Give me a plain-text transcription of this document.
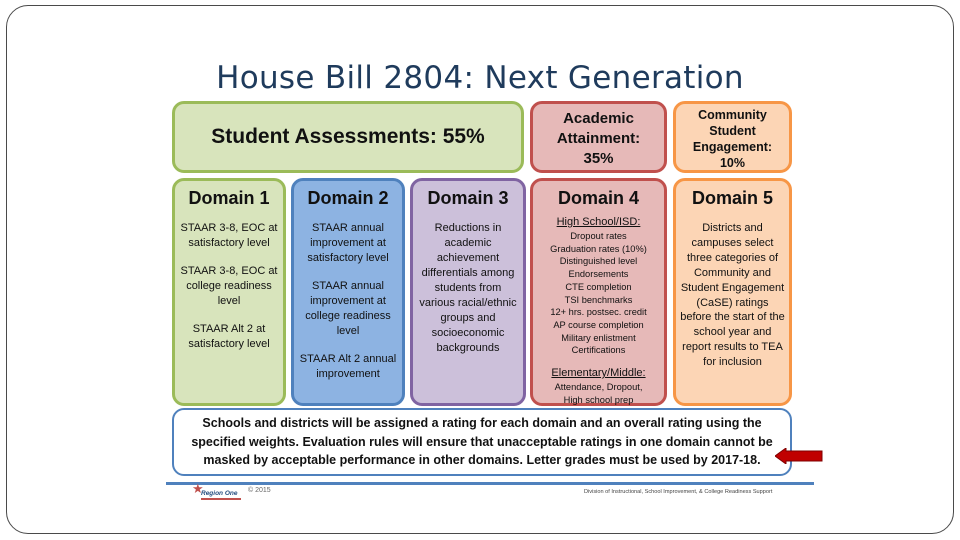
House Bill 2804: Next Generation
Student Assessments: 55%
Academic
Attainment:
35%
Community
Student
Engagement:
10%
Domain 1

STAAR 3-8, EOC at satisfactory level

STAAR 3-8, EOC at college readiness level

STAAR Alt 2 at satisfactory level

Domain 2

STAAR annual improvement at satisfactory level

STAAR annual improvement at college readiness level

STAAR Alt 2 annual improvement

Domain 3

Reductions in academic achievement differentials among students from various racial/ethnic groups and socioeconomic backgrounds

Domain 4
High School/ISD:
Dropout rates
Graduation rates (10%)
Distinguished level
Endorsements
CTE completion
TSI benchmarks
12+ hrs. postsec. credit
AP course completion
Military enlistment
Certifications
Elementary/Middle:
Attendance, Dropout,
High school prep
Domain 5

Districts and campuses select three categories of Community and Student Engagement (CaSE) ratings before the start of the school year and report results to TEA for inclusion

Schools and districts will be assigned a rating for each domain and an overall rating using the specified weights. Evaluation rules will ensure that unacceptable ratings in one domain cannot be masked by acceptable performance in other domains. Letter grades must be used by 2017-18.
★
Region One © 2015	Division of Instructional, School Improvement, & College Readiness Support
